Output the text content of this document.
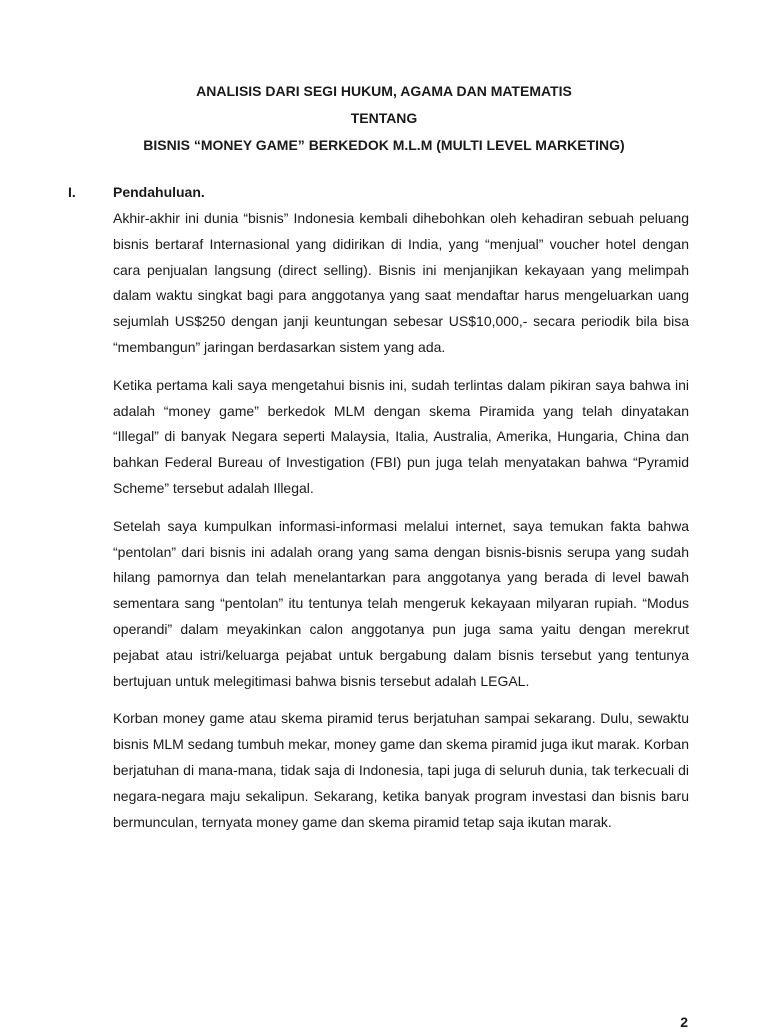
ANALISIS DARI SEGI HUKUM, AGAMA DAN MATEMATIS
TENTANG
BISNIS “MONEY GAME” BERKEDOK M.L.M (MULTI LEVEL MARKETING)
I.	Pendahuluan.

Akhir-akhir ini dunia “bisnis” Indonesia kembali dihebohkan oleh kehadiran sebuah peluang bisnis bertaraf Internasional yang didirikan di India, yang “menjual” voucher hotel dengan cara penjualan langsung (direct selling). Bisnis ini menjanjikan kekayaan yang melimpah dalam waktu singkat bagi para anggotanya yang saat mendaftar harus mengeluarkan uang sejumlah US$250 dengan janji keuntungan sebesar US$10,000,- secara periodik bila bisa “membangun” jaringan berdasarkan sistem yang ada.

Ketika pertama kali saya mengetahui bisnis ini, sudah terlintas dalam pikiran saya bahwa ini adalah “money game” berkedok MLM dengan skema Piramida yang telah dinyatakan “Illegal” di banyak Negara seperti Malaysia, Italia, Australia, Amerika, Hungaria, China dan bahkan Federal Bureau of Investigation (FBI) pun juga telah menyatakan bahwa “Pyramid Scheme” tersebut adalah Illegal.

Setelah saya kumpulkan informasi-informasi melalui internet, saya temukan fakta bahwa “pentolan” dari bisnis ini adalah orang yang sama dengan bisnis-bisnis serupa yang sudah hilang pamornya dan telah menelantarkan para anggotanya yang berada di level bawah sementara sang “pentolan” itu tentunya telah mengeruk kekayaan milyaran rupiah. “Modus operandi” dalam meyakinkan calon anggotanya pun juga sama yaitu dengan merekrut pejabat atau istri/keluarga pejabat untuk bergabung dalam bisnis tersebut yang tentunya bertujuan untuk melegitimasi bahwa bisnis tersebut adalah LEGAL.

Korban money game atau skema piramid terus berjatuhan sampai sekarang. Dulu, sewaktu bisnis MLM sedang tumbuh mekar, money game dan skema piramid juga ikut marak. Korban berjatuhan di mana-mana, tidak saja di Indonesia, tapi juga di seluruh dunia, tak terkecuali di negara-negara maju sekalipun. Sekarang, ketika banyak program investasi dan bisnis baru bermunculan, ternyata money game dan skema piramid tetap saja ikutan marak.

2
